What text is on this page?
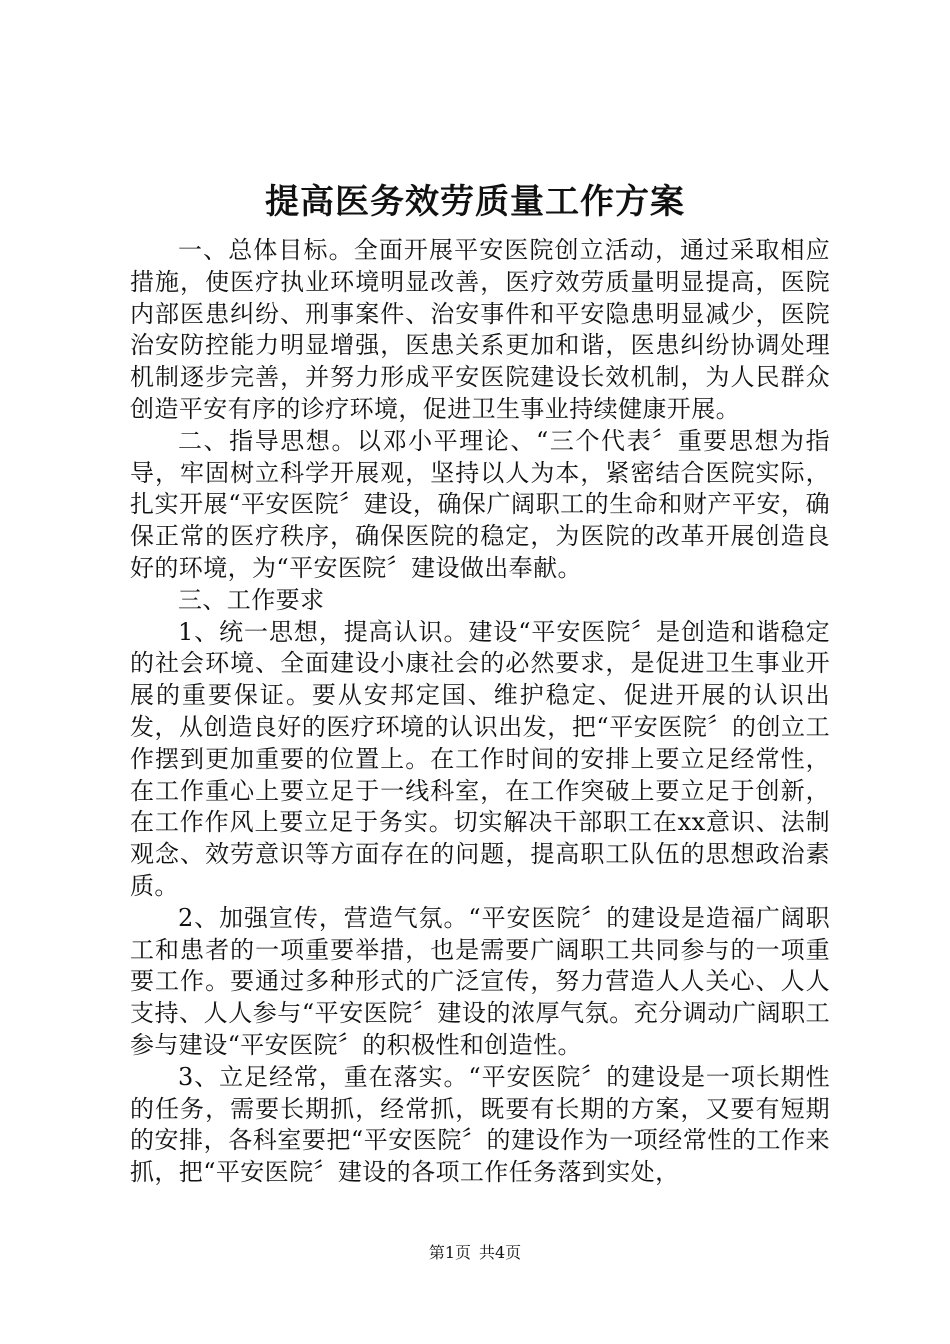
提高医务效劳质量工作方案

一、总体目标。全面开展平安医院创立活动，通过采取相应措施，使医疗执业环境明显改善，医疗效劳质量明显提高，医院内部医患纠纷、刑事案件、治安事件和平安隐患明显减少，医院治安防控能力明显增强，医患关系更加和谐，医患纠纷协调处理机制逐步完善，并努力形成平安医院建设长效机制，为人民群众创造平安有序的诊疗环境，促进卫生事业持续健康开展。

二、指导思想。以邓小平理论、“三个代表〞重要思想为指导，牢固树立科学开展观，坚持以人为本，紧密结合医院实际，扎实开展“平安医院〞建设，确保广阔职工的生命和财产平安，确保正常的医疗秩序，确保医院的稳定，为医院的改革开展创造良好的环境，为“平安医院〞建设做出奉献。

三、工作要求

1、统一思想，提高认识。建设“平安医院〞是创造和谐稳定的社会环境、全面建设小康社会的必然要求，是促进卫生事业开展的重要保证。要从安邦定国、维护稳定、促进开展的认识出发，从创造良好的医疗环境的认识出发，把“平安医院〞的创立工作摆到更加重要的位置上。在工作时间的安排上要立足经常性，在工作重心上要立足于一线科室，在工作突破上要立足于创新，在工作作风上要立足于务实。切实解决干部职工在xx意识、法制观念、效劳意识等方面存在的问题，提高职工队伍的思想政治素质。

2、加强宣传，营造气氛。“平安医院〞的建设是造福广阔职工和患者的一项重要举措，也是需要广阔职工共同参与的一项重要工作。要通过多种形式的广泛宣传，努力营造人人关心、人人支持、人人参与“平安医院〞建设的浓厚气氛。充分调动广阔职工参与建设“平安医院〞的积极性和创造性。

3、立足经常，重在落实。“平安医院〞的建设是一项长期性的任务，需要长期抓，经常抓，既要有长期的方案，又要有短期的安排，各科室要把“平安医院〞的建设作为一项经常性的工作来抓，把“平安医院〞建设的各项工作任务落到实处，

第1页 共4页
